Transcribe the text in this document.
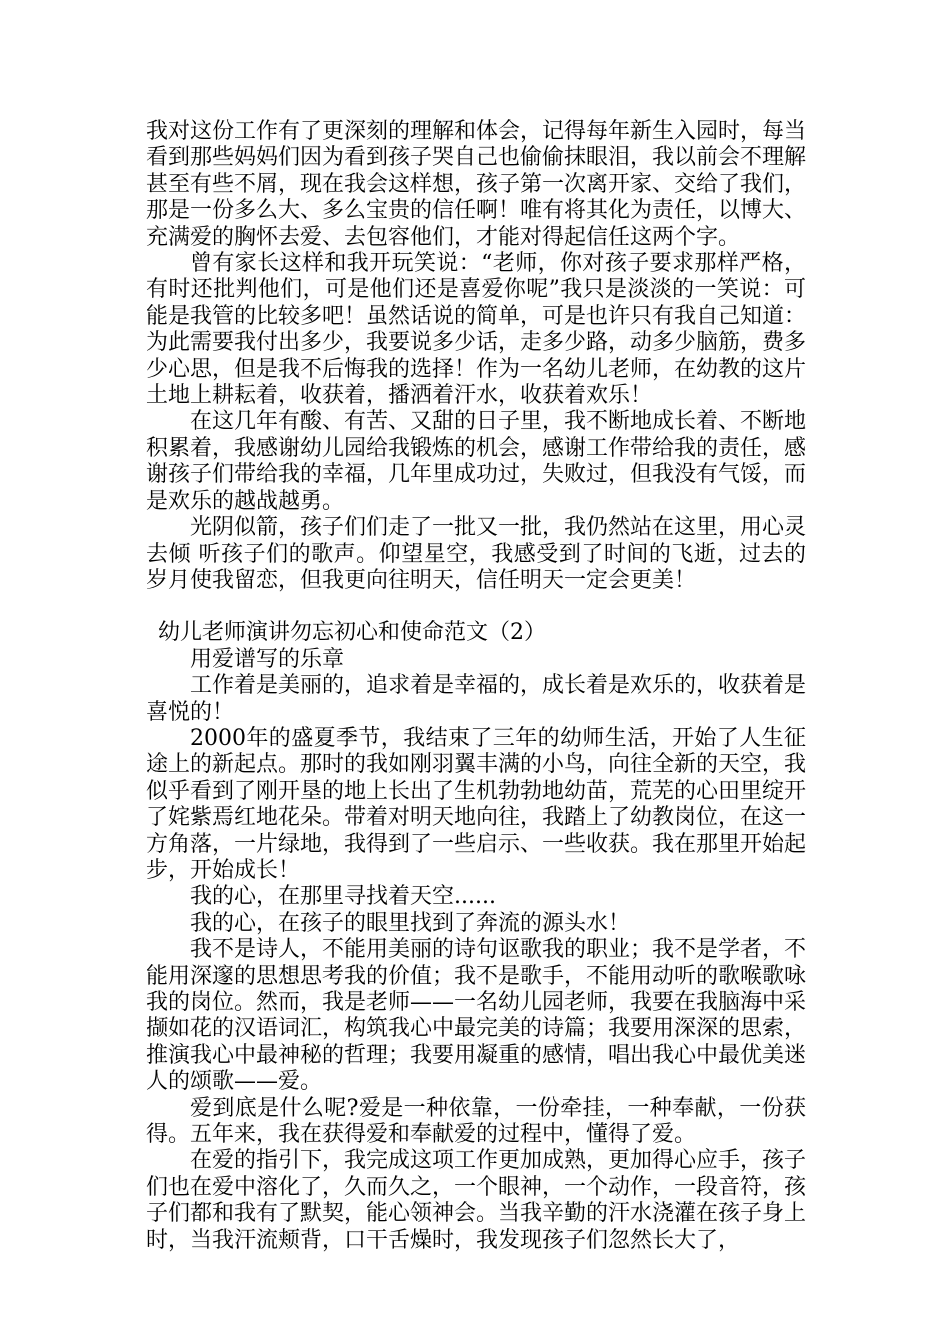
我对这份工作有了更深刻的理解和体会，记得每年新生入园时，每当看到那些妈妈们因为看到孩子哭自己也偷偷抹眼泪，我以前会不理解甚至有些不屑，现在我会这样想，孩子第一次离开家、交给了我们，那是一份多么大、多么宝贵的信任啊！唯有将其化为责任，以博大、充满爱的胸怀去爱、去包容他们，才能对得起信任这两个字。

曾有家长这样和我开玩笑说：“老师，你对孩子要求那样严格，有时还批判他们，可是他们还是喜爱你呢”我只是淡淡的一笑说：可能是我管的比较多吧！虽然话说的简单，可是也许只有我自己知道：为此需要我付出多少，我要说多少话，走多少路，动多少脑筋，费多少心思，但是我不后悔我的选择！作为一名幼儿老师，在幼教的这片土地上耕耘着，收获着，播洒着汗水，收获着欢乐！

在这几年有酸、有苦、又甜的日子里，我不断地成长着、不断地积累着，我感谢幼儿园给我锻炼的机会，感谢工作带给我的责任，感谢孩子们带给我的幸福，几年里成功过，失败过，但我没有气馁，而是欢乐的越战越勇。

光阴似箭，孩子们们走了一批又一批，我仍然站在这里，用心灵去倾 听孩子们的歌声。仰望星空，我感受到了时间的飞逝，过去的岁月使我留恋，但我更向往明天，信任明天一定会更美！

幼儿老师演讲勿忘初心和使命范文（2）

用爱谱写的乐章

工作着是美丽的，追求着是幸福的，成长着是欢乐的，收获着是喜悦的！

2000年的盛夏季节，我结束了三年的幼师生活，开始了人生征途上的新起点。那时的我如刚羽翼丰满的小鸟，向往全新的天空，我似乎看到了刚开垦的地上长出了生机勃勃地幼苗，荒芜的心田里绽开了姹紫焉红地花朵。带着对明天地向往，我踏上了幼教岗位，在这一方角落，一片绿地，我得到了一些启示、一些收获。我在那里开始起步，开始成长！

我的心，在那里寻找着天空......

我的心，在孩子的眼里找到了奔流的源头水！

我不是诗人，不能用美丽的诗句讴歌我的职业；我不是学者，不能用深邃的思想思考我的价值；我不是歌手，不能用动听的歌喉歌咏我的岗位。然而，我是老师——一名幼儿园老师，我要在我脑海中采撷如花的汉语词汇，构筑我心中最完美的诗篇；我要用深深的思索，推演我心中最神秘的哲理；我要用凝重的感情，唱出我心中最优美迷人的颂歌——爱。

爱到底是什么呢?爱是一种依靠，一份牵挂，一种奉献，一份获得。五年来，我在获得爱和奉献爱的过程中，懂得了爱。

在爱的指引下，我完成这项工作更加成熟，更加得心应手，孩子们也在爱中溶化了，久而久之，一个眼神，一个动作，一段音符，孩子们都和我有了默契，能心领神会。当我辛勤的汗水浇灌在孩子身上时，当我汗流颊背，口干舌燥时，我发现孩子们忽然长大了，
